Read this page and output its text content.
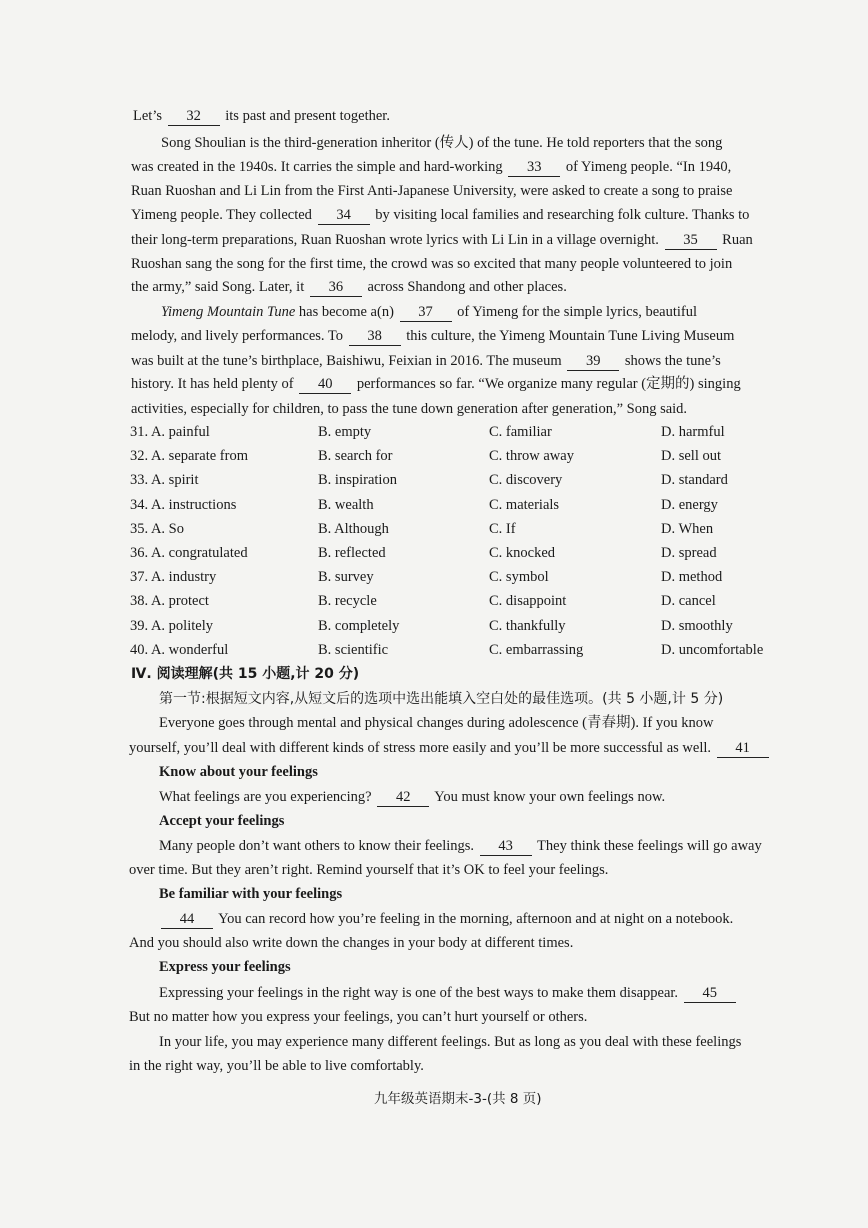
Let’s 32 its past and present together.
Song Shoulian is the third-generation inheritor (传人) of the tune. He told reporters that the song
was created in the 1940s. It carries the simple and hard-working 33 of Yimeng people. “In 1940,
Ruan Ruoshan and Li Lin from the First Anti-Japanese University, were asked to create a song to praise
Yimeng people. They collected 34 by visiting local families and researching folk culture. Thanks to
their long-term preparations, Ruan Ruoshan wrote lyrics with Li Lin in a village overnight. 35 Ruan
Ruoshan sang the song for the first time, the crowd was so excited that many people volunteered to join
the army,” said Song. Later, it 36 across Shandong and other places.
Yimeng Mountain Tune has become a(n) 37 of Yimeng for the simple lyrics, beautiful
melody, and lively performances. To 38 this culture, the Yimeng Mountain Tune Living Museum
was built at the tune’s birthplace, Baishiwu, Feixian in 2016. The museum 39 shows the tune’s
history. It has held plenty of 40 performances so far. “We organize many regular (定期的) singing
activities, especially for children, to pass the tune down generation after generation,” Song said.
31. A. painful	B. empty	C. familiar	D. harmful
32. A. separate from	B. search for	C. throw away	D. sell out
33. A. spirit	B. inspiration	C. discovery	D. standard
34. A. instructions	B. wealth	C. materials	D. energy
35. A. So	B. Although	C. If	D. When
36. A. congratulated	B. reflected	C. knocked	D. spread
37. A. industry	B. survey	C. symbol	D. method
38. A. protect	B. recycle	C. disappoint	D. cancel
39. A. politely	B. completely	C. thankfully	D. smoothly
40. A. wonderful	B. scientific	C. embarrassing	D. uncomfortable
Ⅳ. 阅读理解(共 15 小题,计 20 分)
第一节:根据短文内容,从短文后的选项中选出能填入空白处的最佳选项。(共 5 小题,计 5 分)
Everyone goes through mental and physical changes during adolescence (青春期). If you know
yourself, you’ll deal with different kinds of stress more easily and you’ll be more successful as well. 41
Know about your feelings
What feelings are you experiencing? 42 You must know your own feelings now.
Accept your feelings
Many people don’t want others to know their feelings. 43 They think these feelings will go away
over time. But they aren’t right. Remind yourself that it’s OK to feel your feelings.
Be familiar with your feelings
44 You can record how you’re feeling in the morning, afternoon and at night on a notebook.
And you should also write down the changes in your body at different times.
Express your feelings
Expressing your feelings in the right way is one of the best ways to make them disappear. 45
But no matter how you express your feelings, you can’t hurt yourself or others.
In your life, you may experience many different feelings. But as long as you deal with these feelings
in the right way, you’ll be able to live comfortably.
九年级英语期末-3-(共 8 页)
